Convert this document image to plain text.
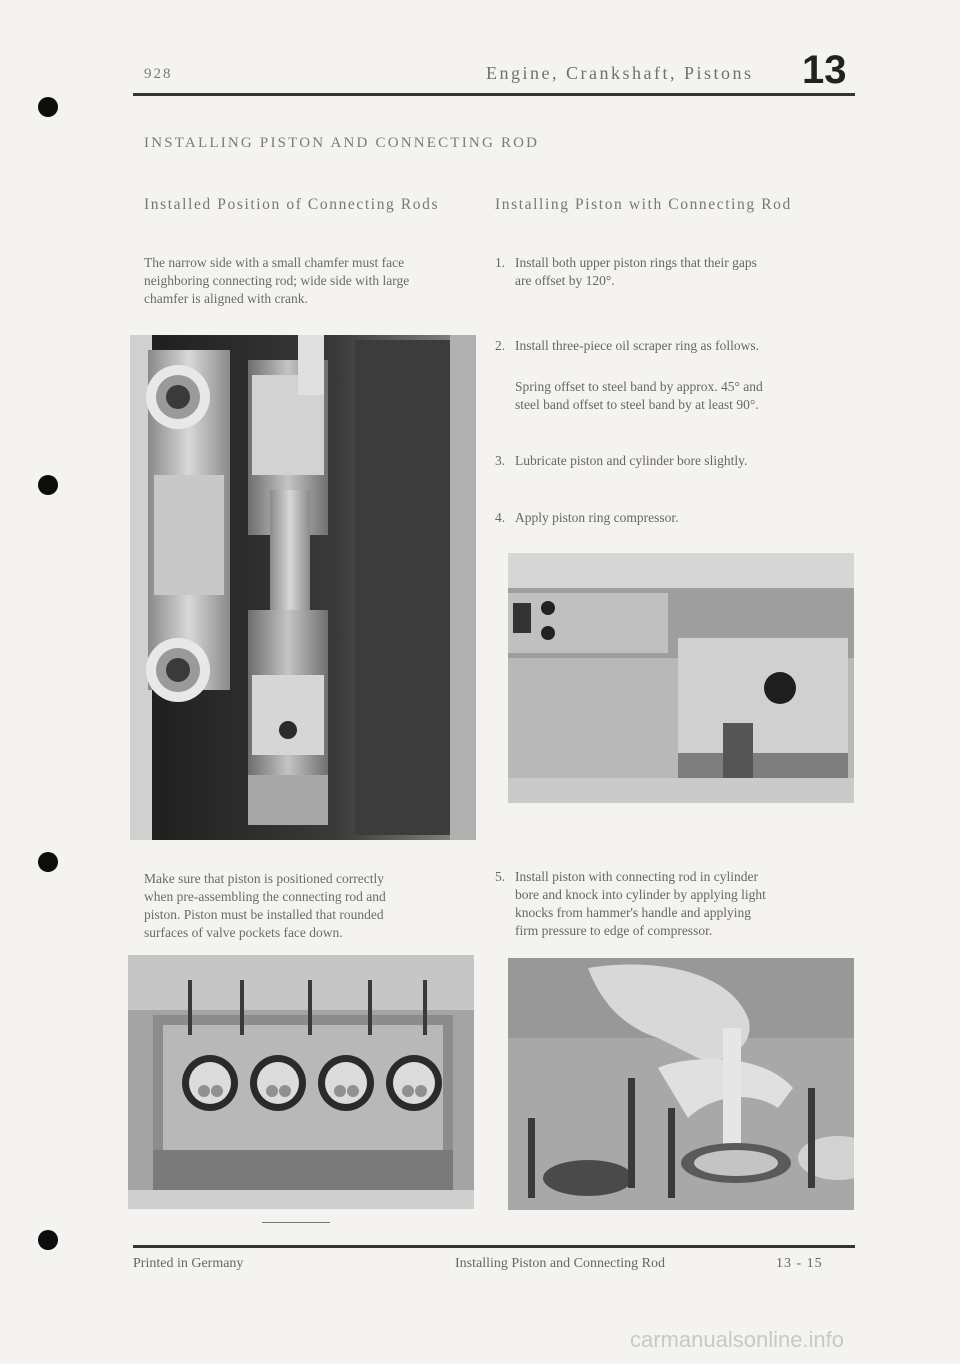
928	Engine, Crankshaft, Pistons 13
INSTALLING PISTON AND CONNECTING ROD
Installed Position of Connecting Rods	Installing Piston with Connecting Rod
The narrow side with a small chamfer must face
neighboring connecting rod; wide side with large
chamfer is aligned with crank.
Make sure that piston is positioned correctly
when pre-assembling the connecting rod and
piston. Piston must be installed that rounded
surfaces of valve pockets face down.
1. Install both upper piston rings that their gaps
are offset by 120°.
2. Install three-piece oil scraper ring as follows.
Spring offset to steel band by approx. 45° and
steel band offset to steel band by at least 90°.
3. Lubricate piston and cylinder bore slightly.
4. Apply piston ring compressor.
5. Install piston with connecting rod in cylinder
bore and knock into cylinder by applying light
knocks from hammer's handle and applying
firm pressure to edge of compressor.
Printed in Germany	Installing Piston and Connecting Rod	13 - 15
carmanualsonline.info
